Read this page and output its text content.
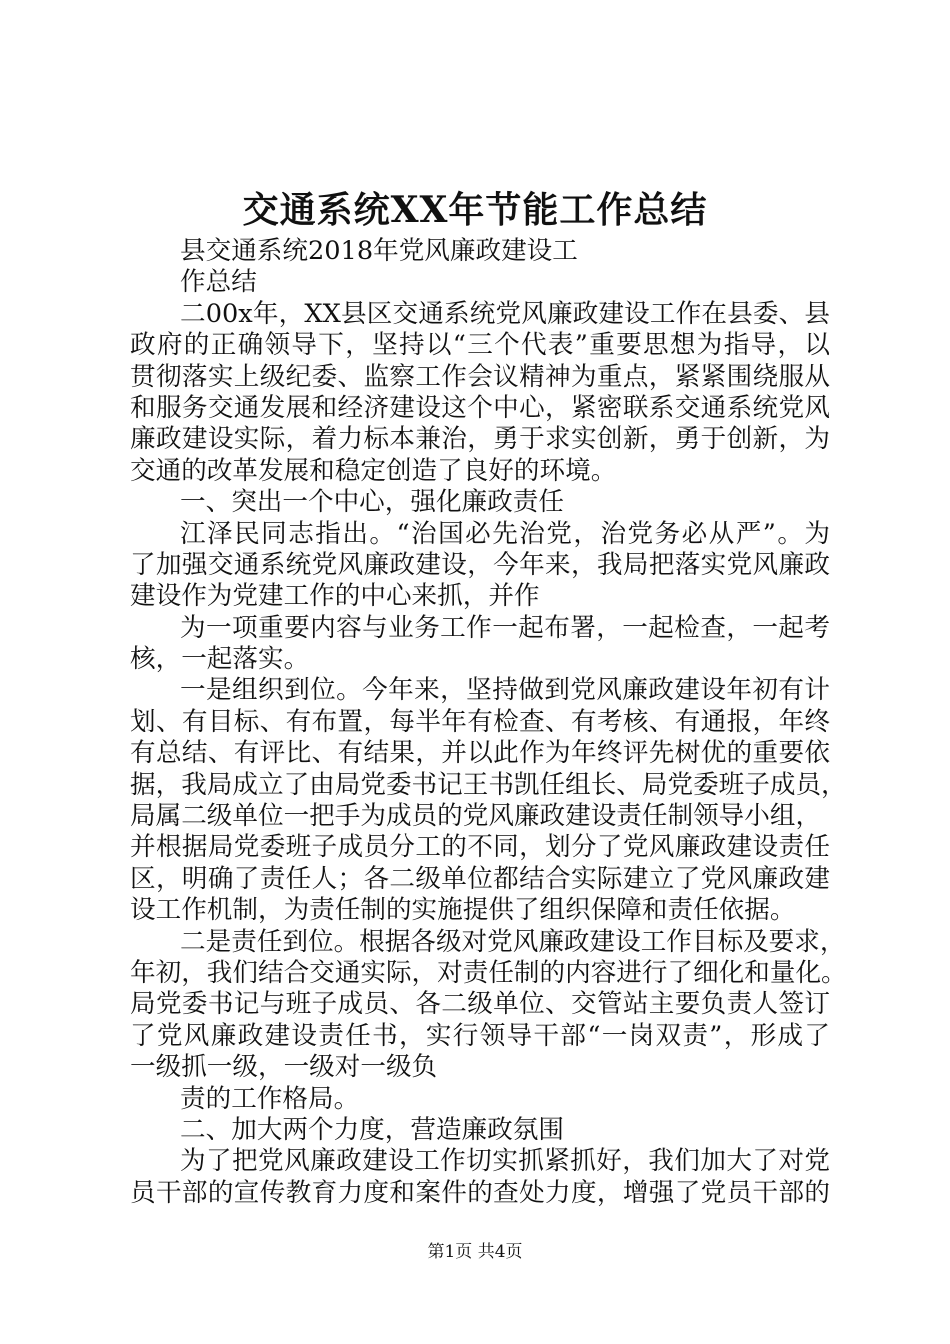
交通系统XX年节能工作总结
县交通系统2018年党风廉政建设工
作总结
二00x年，XX县区交通系统党风廉政建设工作在县委、县
政府的正确领导下，坚持以“三个代表”重要思想为指导，以
贯彻落实上级纪委、监察工作会议精神为重点，紧紧围绕服从
和服务交通发展和经济建设这个中心，紧密联系交通系统党风
廉政建设实际，着力标本兼治，勇于求实创新，勇于创新，为
交通的改革发展和稳定创造了良好的环境。
一、突出一个中心，强化廉政责任
江泽民同志指出。“治国必先治党，治党务必从严”。为
了加强交通系统党风廉政建设，今年来，我局把落实党风廉政
建设作为党建工作的中心来抓，并作
为一项重要内容与业务工作一起布署，一起检查，一起考
核，一起落实。
一是组织到位。今年来，坚持做到党风廉政建设年初有计
划、有目标、有布置，每半年有检查、有考核、有通报，年终
有总结、有评比、有结果，并以此作为年终评先树优的重要依
据，我局成立了由局党委书记王书凯任组长、局党委班子成员，
局属二级单位一把手为成员的党风廉政建设责任制领导小组，
并根据局党委班子成员分工的不同，划分了党风廉政建设责任
区，明确了责任人；各二级单位都结合实际建立了党风廉政建
设工作机制，为责任制的实施提供了组织保障和责任依据。
二是责任到位。根据各级对党风廉政建设工作目标及要求，
年初，我们结合交通实际，对责任制的内容进行了细化和量化。
局党委书记与班子成员、各二级单位、交管站主要负责人签订
了党风廉政建设责任书，实行领导干部“一岗双责”，形成了
一级抓一级，一级对一级负
责的工作格局。
二、加大两个力度，营造廉政氛围
为了把党风廉政建设工作切实抓紧抓好，我们加大了对党
员干部的宣传教育力度和案件的查处力度，增强了党员干部的
第1页 共4页
